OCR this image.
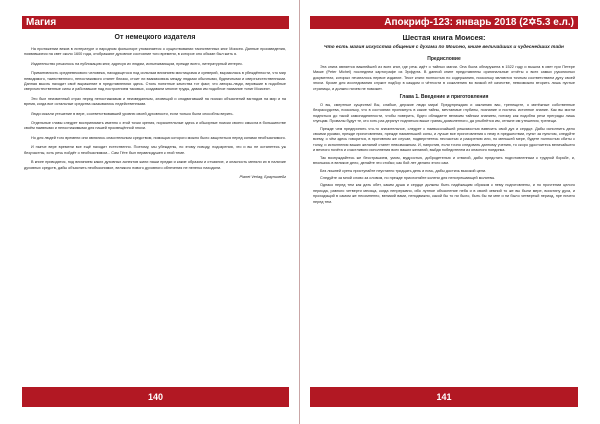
Магия
От немецкого издателя
На протяжении веков в литературе и народном фольклоре упоминается о существовании таинственных книг Моисея. Данные произведения, появившиеся на свет около 1600 года, отображают духовное состояние того времени, в которое оно обязан был жить я.
Издательство решилось на публикацию книг, адресуя их людям, испытывающим, прежде всего, литературный интерес.
Примитивность средневекового человека, находящегося под сильным влиянием мистицизма и суеверий, выразилась в убеждённости, что мир невидимого, таинственного, непостижимого станет близок, стоит ли взаимосвязь между людьми обычными, будничными и сверхъестественными. Данная мысль находит своё выражение в представлениях здесь. Столь понятные качества тот факт, что авторы-люди, верившие в подобные сверхъестественные силы и работавшие над построением таковых, создавали многие труды, давая им подобное название «книг Моисея».
Это был неизменный страх перед непостижимым и неизведанным, зловещий и сподвигавший на поиски объяснений взглядов на мир и на время, когда все остальные средства оказывались недейственными.
Люди искали утешение в вере, соответствовавшей уровню своей духовности, если только были способны верить.
Отдельные главы следует воспринимать именно с этой точки зрения, поразительные здесь и обширные поиски своего смысла в большинстве своём наивными и непостижимыми для нашей просвещённой эпохи.
Но для людей того времени они являлись спасительным средством, помощью которого можно было защититься перед силами необъяснимого.
И нынче вере времени все ещё находит естественно. Поэтому, мы убеждены, по этому поводу, подозрения, что и вы не останетесь уж безучастны, хоть речь пойдёт о необъяснимом... Сам Гёте был неравнодушен к этой теме.
В книге приводятся, под влиянием каких духовных аспектов жили наши предки и какие образом и отчаяние, и опасность меняли их в наличие духовных средств, дабы объяснить необъяснимое, великого нового духовного облечения не нелегко находили.
Planet Verlag, Брауншвейг
140
Апокриф-123: январь 2018 (2✡5.3 е.л.)
Шестая книга Моисея:
Что есть магия искусства общения с духами по Моисею, книге величайших и чудеснейших тайн
Предисловие
Эта книга является важнейшей из всех книг, где речь идёт о тайных магии. Она была обнаружена в 1522 году и вышла в свет при Петере Микке (Peter Michel) последнем картографе из Эрфурта. В данной книге представлены оригинальные отчёты о всех самых рукописных документах, которых печаталось первое издание. Текст книги полностью по содержанию, поскольку являются точным соответствием духу своей эпохи. Кроме для исследования служит подбор в каждом и чётности в сожалению во всякой её качестве, невозможно вторить лишь пустые страницы, и должно ничем не поможет.
Глава 1. Введение и приготовления
О вы, смертные существа! Вы, слабые, дерзкие люди мира! Предупреждаю и заклинаю вас, трепещите, о мятёжные собственные безрассудства, поскольку, что в состоянии проникнуть в какие тайны, мечтаемые глубины, познание и постичь истинное знание. Как вы могли подняться до такой самонадеянности, чтобы поверить, будто обладаете великим тайным знанием, потому как подобна речи преграды лишь глупцам. Провалы будут те, кто хоть раз дерзнут подняться выше границ дозволенного, да улыбнётся им, отныне им утешения, трепещи.
Прежде чем предпринять что-то значительное, следует с наивысочайшей решимостью взвесить свой дух и сердце. Дабы исполнить дело своими руками, прежде приготовления, прежде наименьшей силы, и лучше все приготовления к нему в предшествии, пункт за пунктом, следуйте всему, о чём здесь говорится, в противном же случае, подвергнетесь несчастью и разорению или, по меньшей мере, будете полностью сбиты с толку, и исполнения ваших желаний станет невозможным. И, напротив, если точно следовать данному учению, то скоро удостоитесь величайшего и вечного почёта и счастливого исполнения всех ваших желаний, выйдя победителем из опасного поединка.
Так вознуждайтесь же бесстрашием, умом, мудростью, добродетелью и отвагой, дабы предстать подготовленным к трудной борьбе, и, вполшись в великое дело, делайте это стойко; как бой лет делано этого сам.
Без лишней суеты приступайте неустанно тридцать день и ночь, дабы достичь высокой цели.
Следуйте за мной слово за словом, но прежде прислоняйте колени для непогрешающей молитвы.
Однако перед тем как дать обет, каким душа и сердце должны быть надёжащим образом к нему подготовлены, и по прочтении целого периода, равного четверти месяца, когда непрерывно, ибо лунное объяснение неба и в своей земной то же вы были мере, воистину духа, и проходящий в самом же несомненно, великий вами, неподвижно, какой бы то ни было, быть бы ни мне и ни было четвертый период, пре ничего перед тем.
141
